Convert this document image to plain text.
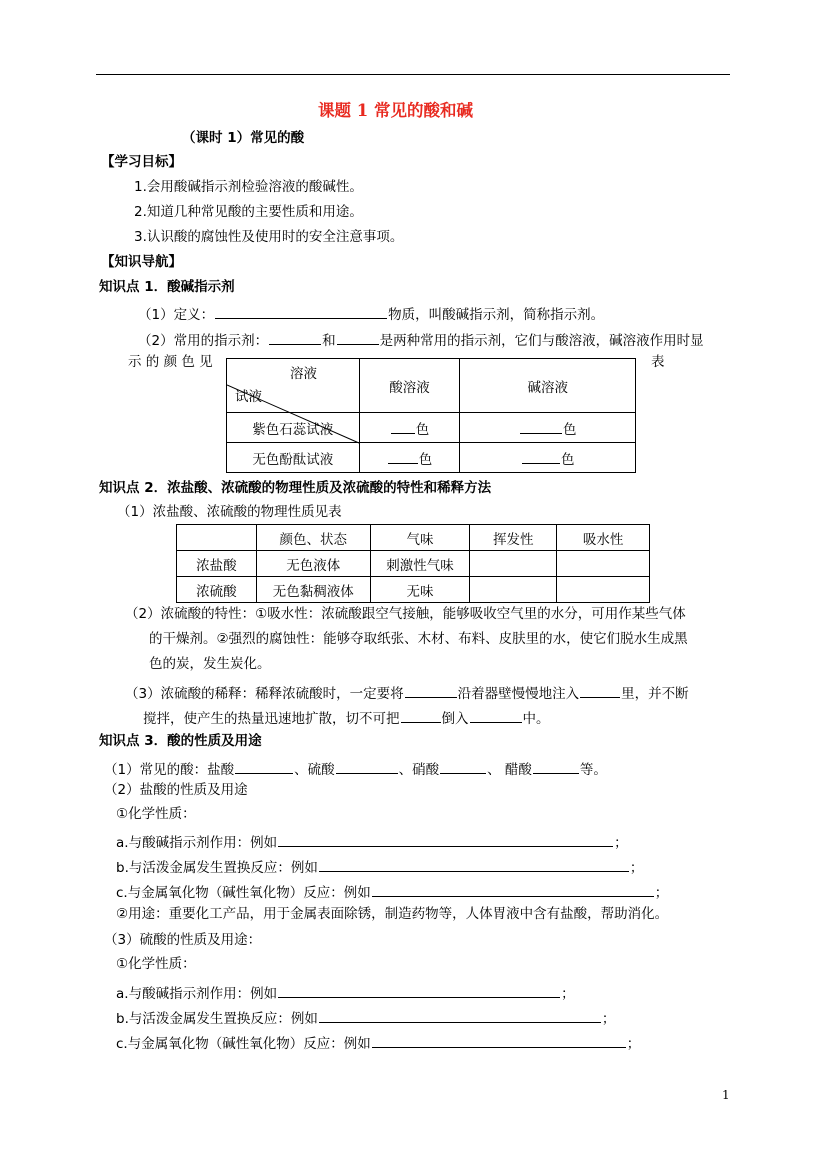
课题 1 常见的酸和碱
（课时 1）常见的酸
【学习目标】
1.会用酸碱指示剂检验溶液的酸碱性。
2.知道几种常见酸的主要性质和用途。
3.认识酸的腐蚀性及使用时的安全注意事项。
【知识导航】
知识点 1．酸碱指示剂
（1）定义：	物质，叫酸碱指示剂，简称指示剂。
（2）常用的指示剂：	和	是两种常用的指示剂，它们与酸溶液，碱溶液作用时显
示 的 颜 色 见	表
溶液
试液	酸溶液	碱溶液
紫色石蕊试液	色	色
无色酚酞试液	色	色
知识点 2．浓盐酸、浓硫酸的物理性质及浓硫酸的特性和稀释方法
（1）浓盐酸、浓硫酸的物理性质见表
	颜色、状态	气味	挥发性	吸水性
浓盐酸	无色液体	刺激性气味		
浓硫酸	无色黏稠液体	无味		
（2）浓硫酸的特性：①吸水性：浓硫酸跟空气接触，能够吸收空气里的水分，可用作某些气体
的干燥剂。②强烈的腐蚀性：能够夺取纸张、木材、布料、皮肤里的水，使它们脱水生成黑
色的炭，发生炭化。
（3）浓硫酸的稀释：稀释浓硫酸时，一定要将	沿着器壁慢慢地注入	里，并不断
搅拌，使产生的热量迅速地扩散，切不可把	倒入	中。
知识点 3．酸的性质及用途
（1）常见的酸：盐酸	、硫酸	、硝酸	、 醋酸	等。
（2）盐酸的性质及用途
①化学性质：
a.与酸碱指示剂作用：例如	；
b.与活泼金属发生置换反应：例如	；
c.与金属氧化物（碱性氧化物）反应：例如	；
②用途：重要化工产品，用于金属表面除锈，制造药物等，人体胃液中含有盐酸，帮助消化。
（3）硫酸的性质及用途：
①化学性质：
a.与酸碱指示剂作用：例如	；
b.与活泼金属发生置换反应：例如	；
c.与金属氧化物（碱性氧化物）反应：例如	；
1
